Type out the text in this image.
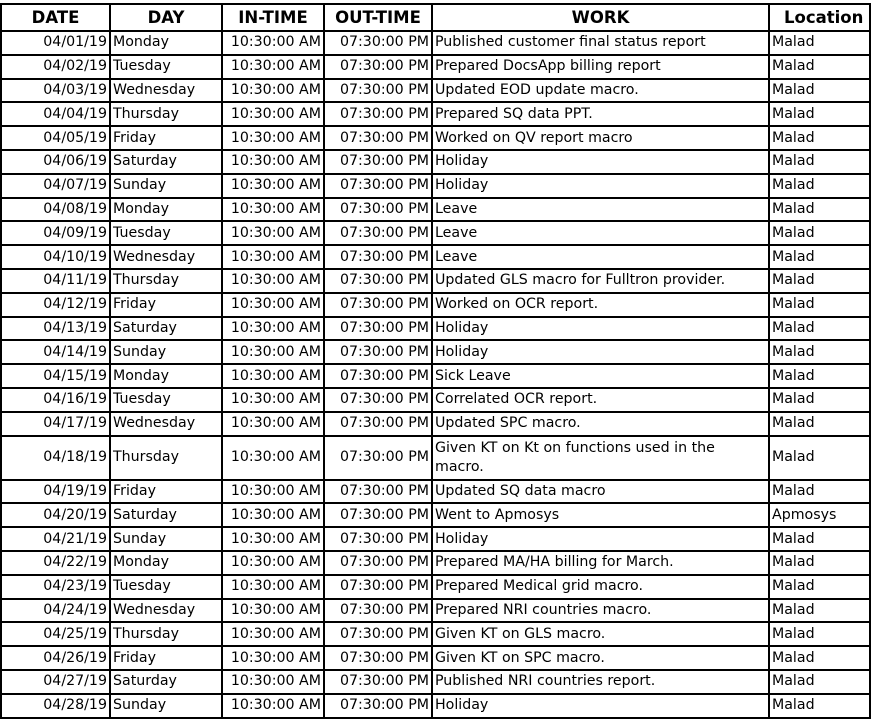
DATE	DAY	IN-TIME	OUT-TIME	WORK	Location
04/01/19	Monday	10:30:00 AM	07:30:00 PM	Published customer final status report	Malad
04/02/19	Tuesday	10:30:00 AM	07:30:00 PM	Prepared DocsApp billing report	Malad
04/03/19	Wednesday	10:30:00 AM	07:30:00 PM	Updated EOD update macro.	Malad
04/04/19	Thursday	10:30:00 AM	07:30:00 PM	Prepared SQ data PPT.	Malad
04/05/19	Friday	10:30:00 AM	07:30:00 PM	Worked on QV report macro	Malad
04/06/19	Saturday	10:30:00 AM	07:30:00 PM	Holiday	Malad
04/07/19	Sunday	10:30:00 AM	07:30:00 PM	Holiday	Malad
04/08/19	Monday	10:30:00 AM	07:30:00 PM	Leave	Malad
04/09/19	Tuesday	10:30:00 AM	07:30:00 PM	Leave	Malad
04/10/19	Wednesday	10:30:00 AM	07:30:00 PM	Leave	Malad
04/11/19	Thursday	10:30:00 AM	07:30:00 PM	Updated GLS macro for Fulltron provider.	Malad
04/12/19	Friday	10:30:00 AM	07:30:00 PM	Worked on OCR report.	Malad
04/13/19	Saturday	10:30:00 AM	07:30:00 PM	Holiday	Malad
04/14/19	Sunday	10:30:00 AM	07:30:00 PM	Holiday	Malad
04/15/19	Monday	10:30:00 AM	07:30:00 PM	Sick Leave	Malad
04/16/19	Tuesday	10:30:00 AM	07:30:00 PM	Correlated OCR report.	Malad
04/17/19	Wednesday	10:30:00 AM	07:30:00 PM	Updated SPC macro.	Malad
04/18/19	Thursday	10:30:00 AM	07:30:00 PM	Given KT on Kt on functions used in the macro.	Malad
04/19/19	Friday	10:30:00 AM	07:30:00 PM	Updated SQ data macro	Malad
04/20/19	Saturday	10:30:00 AM	07:30:00 PM	Went to Apmosys	Apmosys
04/21/19	Sunday	10:30:00 AM	07:30:00 PM	Holiday	Malad
04/22/19	Monday	10:30:00 AM	07:30:00 PM	Prepared MA/HA billing for March.	Malad
04/23/19	Tuesday	10:30:00 AM	07:30:00 PM	Prepared Medical grid macro.	Malad
04/24/19	Wednesday	10:30:00 AM	07:30:00 PM	Prepared NRI countries macro.	Malad
04/25/19	Thursday	10:30:00 AM	07:30:00 PM	Given KT on GLS macro.	Malad
04/26/19	Friday	10:30:00 AM	07:30:00 PM	Given KT on SPC macro.	Malad
04/27/19	Saturday	10:30:00 AM	07:30:00 PM	Published NRI countries report.	Malad
04/28/19	Sunday	10:30:00 AM	07:30:00 PM	Holiday	Malad
